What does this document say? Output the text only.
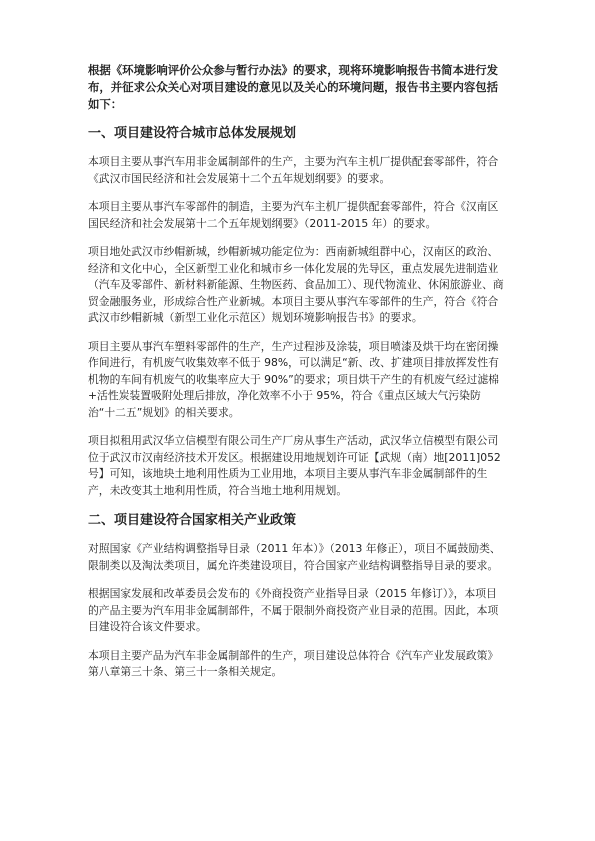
根据《环境影响评价公众参与暂行办法》的要求，现将环境影响报告书简本进行发布，并征求公众关心对项目建设的意见以及关心的环境问题，报告书主要内容包括如下：

一、项目建设符合城市总体发展规划

本项目主要从事汽车用非金属制部件的生产，主要为汽车主机厂提供配套零部件，符合《武汉市国民经济和社会发展第十二个五年规划纲要》的要求。

本项目主要从事汽车零部件的制造，主要为汽车主机厂提供配套零部件，符合《汉南区国民经济和社会发展第十二个五年规划纲要》（2011-2015 年）的要求。

项目地处武汉市纱帽新城，纱帽新城功能定位为：西南新城组群中心，汉南区的政治、经济和文化中心，全区新型工业化和城市乡一体化发展的先导区，重点发展先进制造业（汽车及零部件、新材料新能源、生物医药、食品加工）、现代物流业、休闲旅游业、商贸金融服务业，形成综合性产业新城。本项目主要从事汽车零部件的生产，符合《符合武汉市纱帽新城（新型工业化示范区）规划环境影响报告书》的要求。

项目主要从事汽车塑料零部件的生产，生产过程涉及涂装，项目喷漆及烘干均在密闭操作间进行，有机废气收集效率不低于 98%，可以满足“新、改、扩建项目排放挥发性有机物的车间有机废气的收集率应大于 90%”的要求；项目烘干产生的有机废气经过滤棉+活性炭装置吸附处理后排放，净化效率不小于 95%，符合《重点区域大气污染防治“十二五”规划》的相关要求。

项目拟租用武汉华立信模型有限公司生产厂房从事生产活动，武汉华立信模型有限公司位于武汉市汉南经济技术开发区。根据建设用地规划许可证【武规（南）地[2011]052 号】可知，该地块土地利用性质为工业用地，本项目主要从事汽车非金属制部件的生产，未改变其土地利用性质，符合当地土地利用规划。

二、项目建设符合国家相关产业政策

对照国家《产业结构调整指导目录（2011 年本）》（2013 年修正），项目不属鼓励类、限制类以及淘汰类项目，属允许类建设项目，符合国家产业结构调整指导目录的要求。

根据国家发展和改革委员会发布的《外商投资产业指导目录（2015 年修订）》，本项目的产品主要为汽车用非金属制部件，不属于限制外商投资产业目录的范围。因此，本项目建设符合该文件要求。

本项目主要产品为汽车非金属制部件的生产，项目建设总体符合《汽车产业发展政策》第八章第三十条、第三十一条相关规定。
